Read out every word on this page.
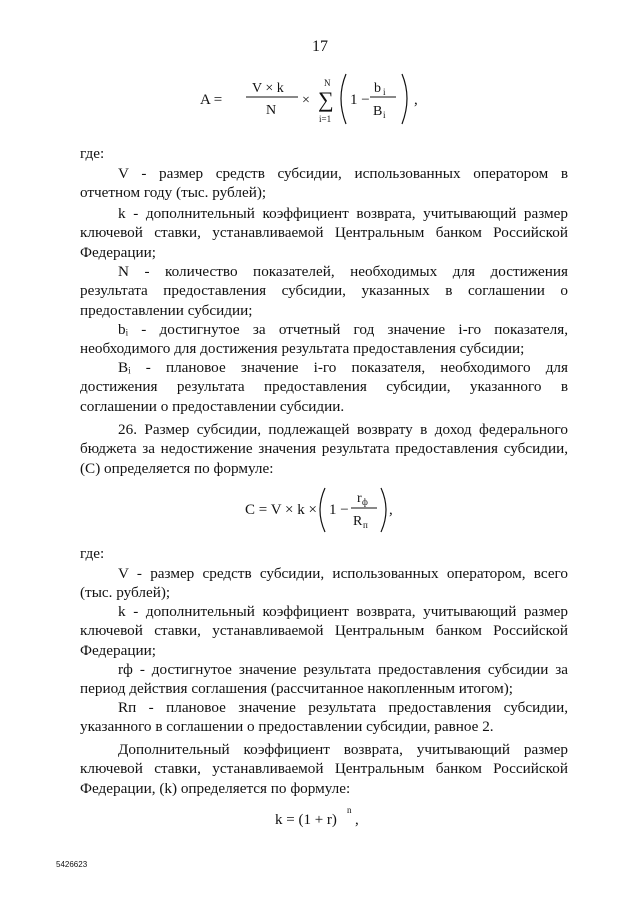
17
A =
V × k
N
×
N
∑
i=1
1 −
b i
B i
,
где:
V - размер средств субсидии, использованных оператором в отчетном году (тыс. рублей);
k - дополнительный коэффициент возврата, учитывающий размер ключевой ставки, устанавливаемой Центральным банком Российской Федерации;
N - количество показателей, необходимых для достижения результата предоставления субсидии, указанных в соглашении о предоставлении субсидии;
bᵢ - достигнутое за отчетный год значение i-го показателя, необходимого для достижения результата предоставления субсидии;
Bᵢ - плановое значение i-го показателя, необходимого для достижения результата предоставления субсидии, указанного в соглашении о предоставлении субсидии.
26. Размер субсидии, подлежащей возврату в доход федерального бюджета за недостижение значения результата предоставления субсидии, (C) определяется по формуле:
C = V × k × 1 −
r ф
R п
,
где:
V - размер средств субсидии, использованных оператором, всего (тыс. рублей);
k - дополнительный коэффициент возврата, учитывающий размер ключевой ставки, устанавливаемой Центральным банком Российской Федерации;
rф - достигнутое значение результата предоставления субсидии за период действия соглашения (рассчитанное накопленным итогом);
Rп - плановое значение результата предоставления субсидии, указанного в соглашении о предоставлении субсидии, равное 2.
Дополнительный коэффициент возврата, учитывающий размер ключевой ставки, устанавливаемой Центральным банком Российской Федерации, (k) определяется по формуле:
k = (1 + r)
n
,
5426623
